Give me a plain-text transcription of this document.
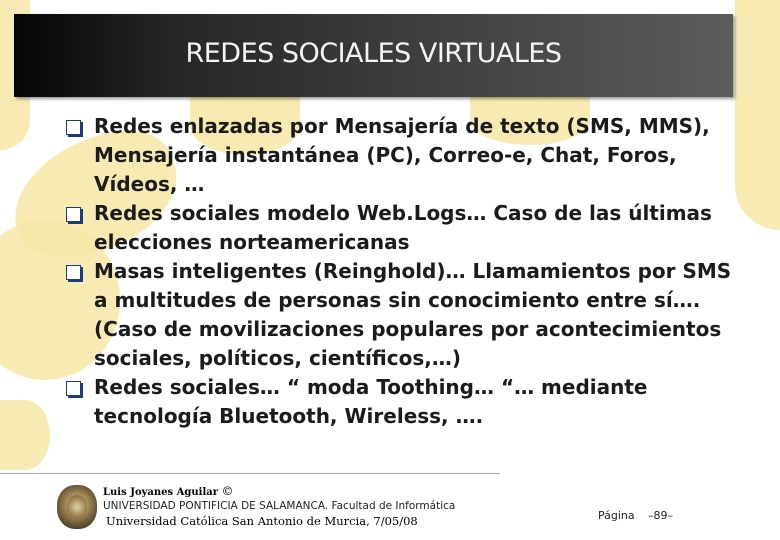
REDES SOCIALES VIRTUALES
Redes enlazadas por Mensajería de texto (SMS, MMS), Mensajería instantánea (PC), Correo-e, Chat, Foros, Vídeos, …
Redes sociales modelo Web.Logs… Caso de las últimas elecciones norteamericanas
Masas inteligentes (Reinghold)… Llamamientos por SMS a multitudes de personas sin conocimiento entre sí…. (Caso de movilizaciones populares por acontecimientos sociales, políticos, científicos,…)
Redes sociales… “ moda Toothing… “… mediante tecnología Bluetooth, Wireless, ….
Luis Joyanes Aguilar ©
UNIVERSIDAD PONTIFICIA DE SALAMANCA. Facultad de Informática
Universidad Católica San Antonio de Murcia, 7/05/08	Página –89–
